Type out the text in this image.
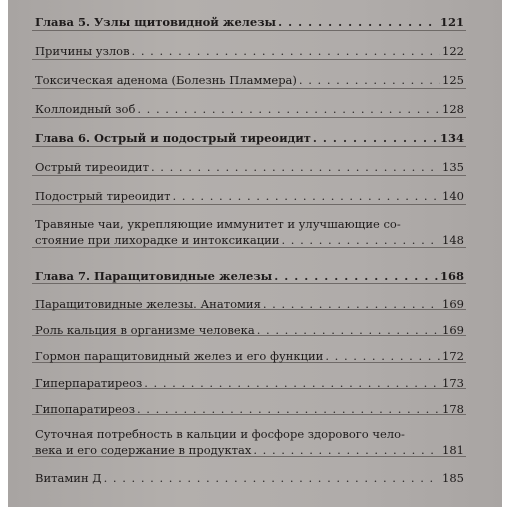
Глава 5. Узлы щитовидной железы . . .	121
Причины узлов . . .	122
Токсическая аденома (Болезнь Пламмера) . . .	125
Коллоидный зоб . . .	128
Глава 6. Острый и подострый тиреоидит . . .	134
Острый тиреоидит . . .	135
Подострый тиреоидит . . .	140
Травяные чаи, укрепляющие иммунитет и улучшающие со-
стояние при лихорадке и интоксикации . . .	148
Глава 7. Паращитовидные железы . . .	168
Паращитовидные железы. Анатомия . . .	169
Роль кальция в организме человека . . .	169
Гормон паращитовидный желез и его функции . . .	172
Гиперпаратиреоз . . .	173
Гипопаратиреоз . . .	178
Суточная потребность в кальции и фосфоре здорового чело-
века и его содержание в продуктах . . .	181
Витамин Д . . .	185
